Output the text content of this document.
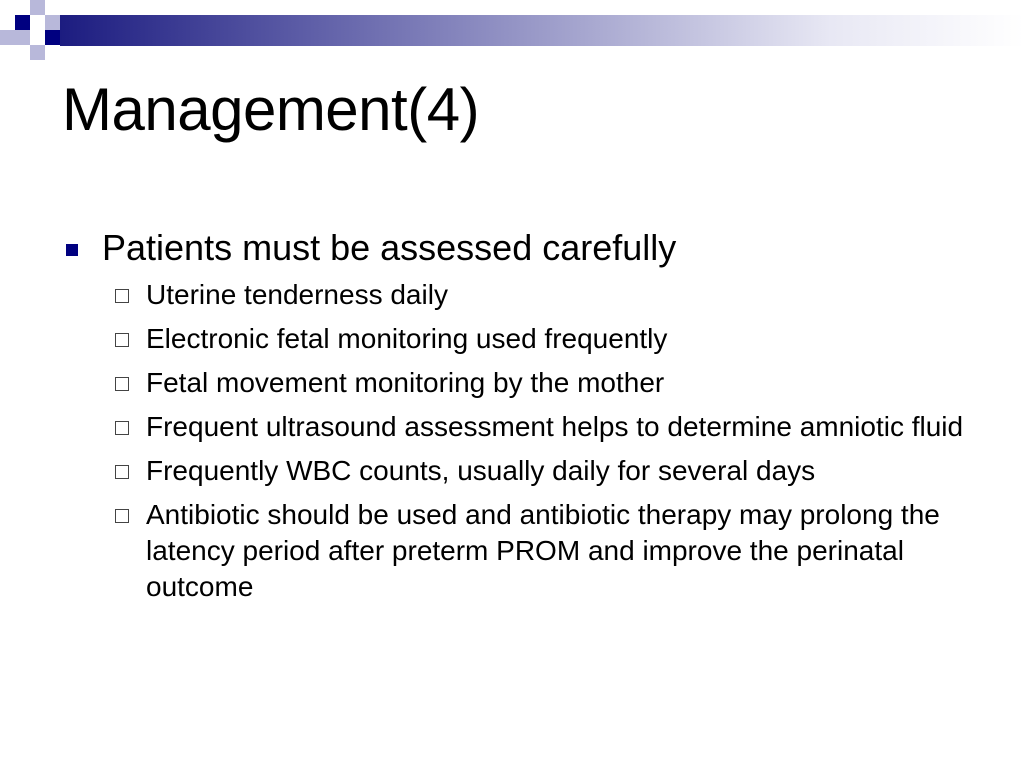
Management(4)
Patients must be assessed carefully
Uterine tenderness daily
Electronic fetal monitoring used frequently
Fetal movement monitoring by the mother
Frequent ultrasound assessment helps to determine amniotic fluid
Frequently WBC counts, usually daily for several days
Antibiotic should be used and antibiotic therapy may prolong the latency period after preterm PROM and improve the perinatal outcome
